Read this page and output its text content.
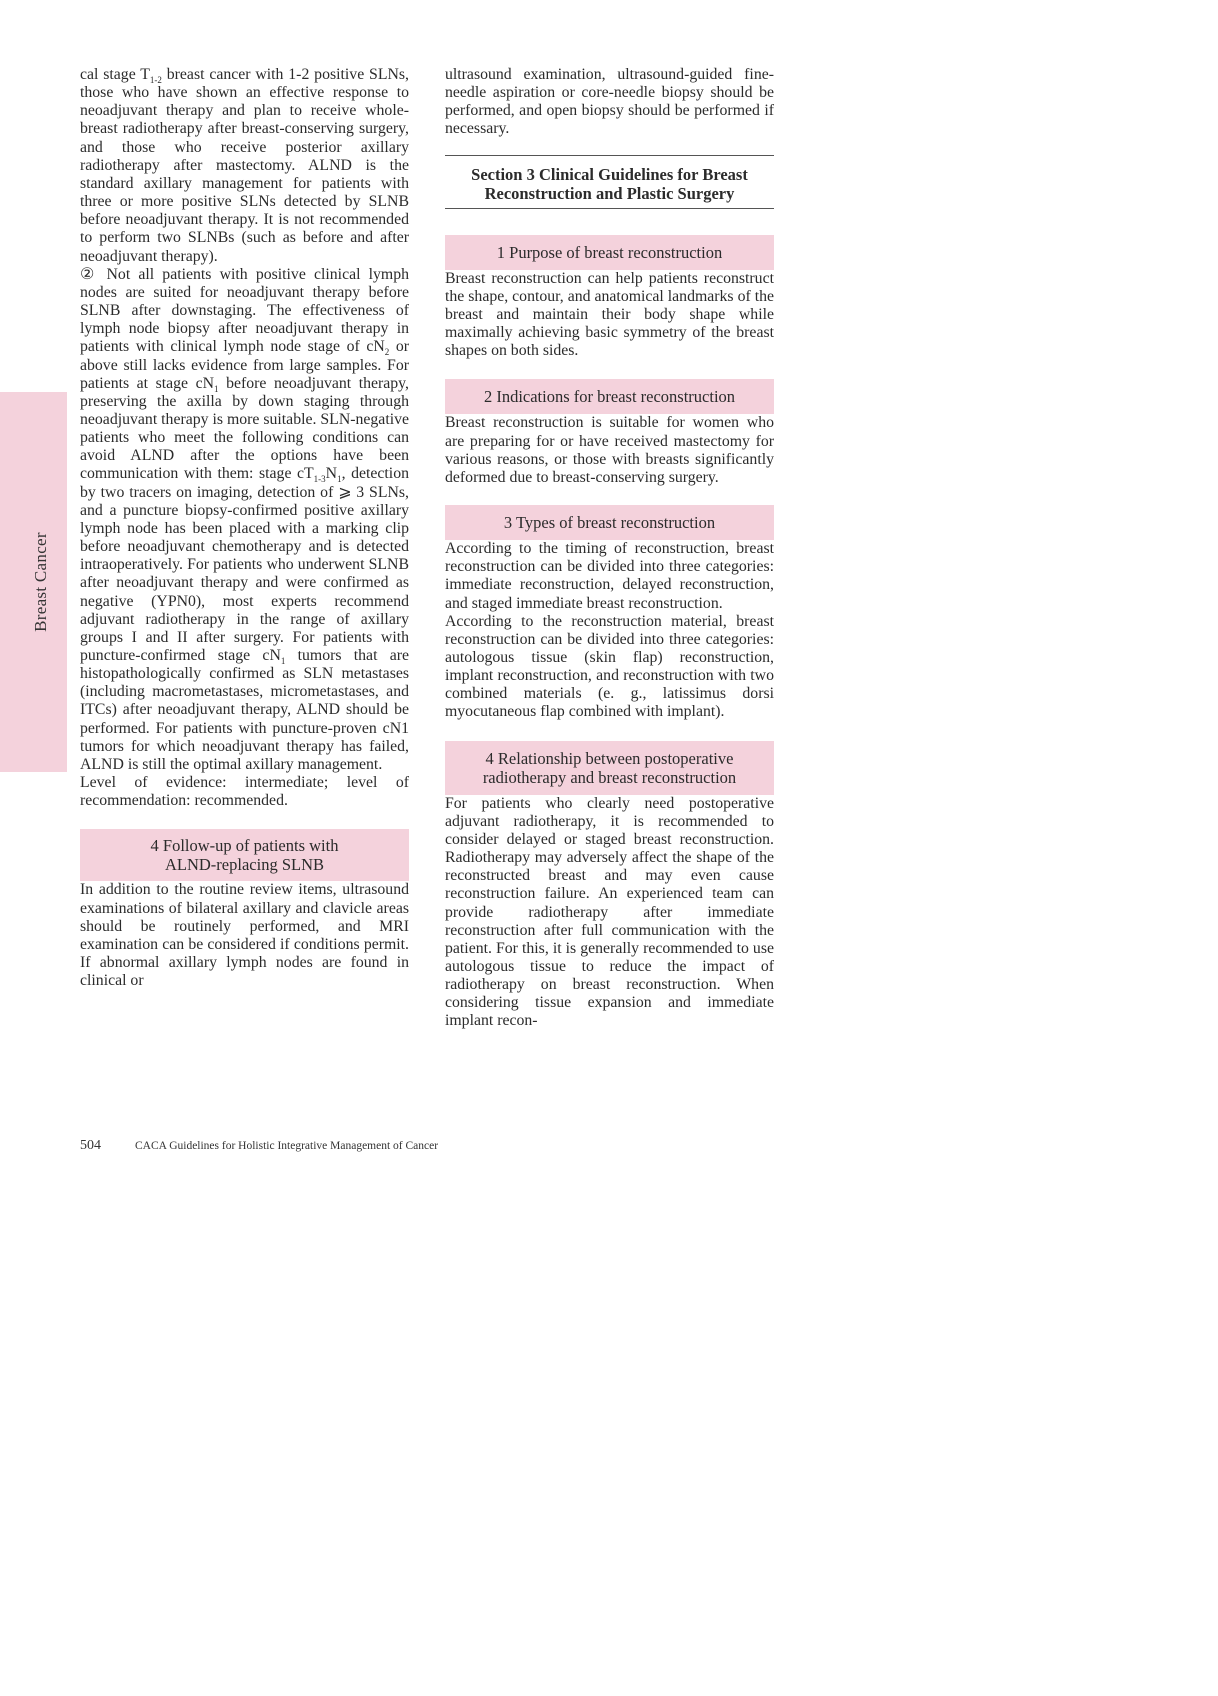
Breast Cancer

cal stage $T_{1-2}$ breast cancer with 1-2 positive SLNs, those who have shown an effective response to neoadjuvant therapy and plan to receive whole-breast radiotherapy after breast-conserving surgery, and those who receive posterior axillary radiotherapy after mastectomy. ALND is the standard axillary management for patients with three or more positive SLNs detected by SLNB before neoadjuvant therapy. It is not recommended to perform two SLNBs (such as before and after neoadjuvant therapy).

② Not all patients with positive clinical lymph nodes are suited for neoadjuvant therapy before SLNB after downstaging. The effectiveness of lymph node biopsy after neoadjuvant therapy in patients with clinical lymph node stage of $cN_2$ or above still lacks evidence from large samples. For patients at stage $cN_1$ before neoadjuvant therapy, preserving the axilla by down staging through neoadjuvant therapy is more suitable. SLN-negative patients who meet the following conditions can avoid ALND after the options have been communication with them: stage $cT_{1-3}N_1$, detection by two tracers on imaging, detection of ⩾ 3 SLNs, and a puncture biopsy-confirmed positive axillary lymph node has been placed with a marking clip before neoadjuvant chemotherapy and is detected intraoperatively. For patients who underwent SLNB after neoadjuvant therapy and were confirmed as negative (YPN0), most experts recommend adjuvant radiotherapy in the range of axillary groups I and II after surgery. For patients with puncture-confirmed stage $cN_1$ tumors that are histopathologically confirmed as SLN metastases (including macrometastases, micrometastases, and ITCs) after neoadjuvant therapy, ALND should be performed. For patients with puncture-proven cN1 tumors for which neoadjuvant therapy has failed, ALND is still the optimal axillary management.

Level of evidence: intermediate; level of recommendation: recommended.

4 Follow-up of patients with
ALND-replacing SLNB

In addition to the routine review items, ultrasound examinations of bilateral axillary and clavicle areas should be routinely performed, and MRI examination can be considered if conditions permit. If abnormal axillary lymph nodes are found in clinical or

ultrasound examination, ultrasound-guided fine-needle aspiration or core-needle biopsy should be performed, and open biopsy should be performed if necessary.

Section 3 Clinical Guidelines for Breast
Reconstruction and Plastic Surgery
1 Purpose of breast reconstruction

Breast reconstruction can help patients reconstruct the shape, contour, and anatomical landmarks of the breast and maintain their body shape while maximally achieving basic symmetry of the breast shapes on both sides.

2 Indications for breast reconstruction

Breast reconstruction is suitable for women who are preparing for or have received mastectomy for various reasons, or those with breasts significantly deformed due to breast-conserving surgery.

3 Types of breast reconstruction

According to the timing of reconstruction, breast reconstruction can be divided into three categories: immediate reconstruction, delayed reconstruction, and staged immediate breast reconstruction.

According to the reconstruction material, breast reconstruction can be divided into three categories: autologous tissue (skin flap) reconstruction, implant reconstruction, and reconstruction with two combined materials (e. g., latissimus dorsi myocutaneous flap combined with implant).

4 Relationship between postoperative
radiotherapy and breast reconstruction

For patients who clearly need postoperative adjuvant radiotherapy, it is recommended to consider delayed or staged breast reconstruction. Radiotherapy may adversely affect the shape of the reconstructed breast and may even cause reconstruction failure. An experienced team can provide radiotherapy after immediate reconstruction after full communication with the patient. For this, it is generally recommended to use autologous tissue to reduce the impact of radiotherapy on breast reconstruction. When considering tissue expansion and immediate implant recon-

504	CACA Guidelines for Holistic Integrative Management of Cancer
